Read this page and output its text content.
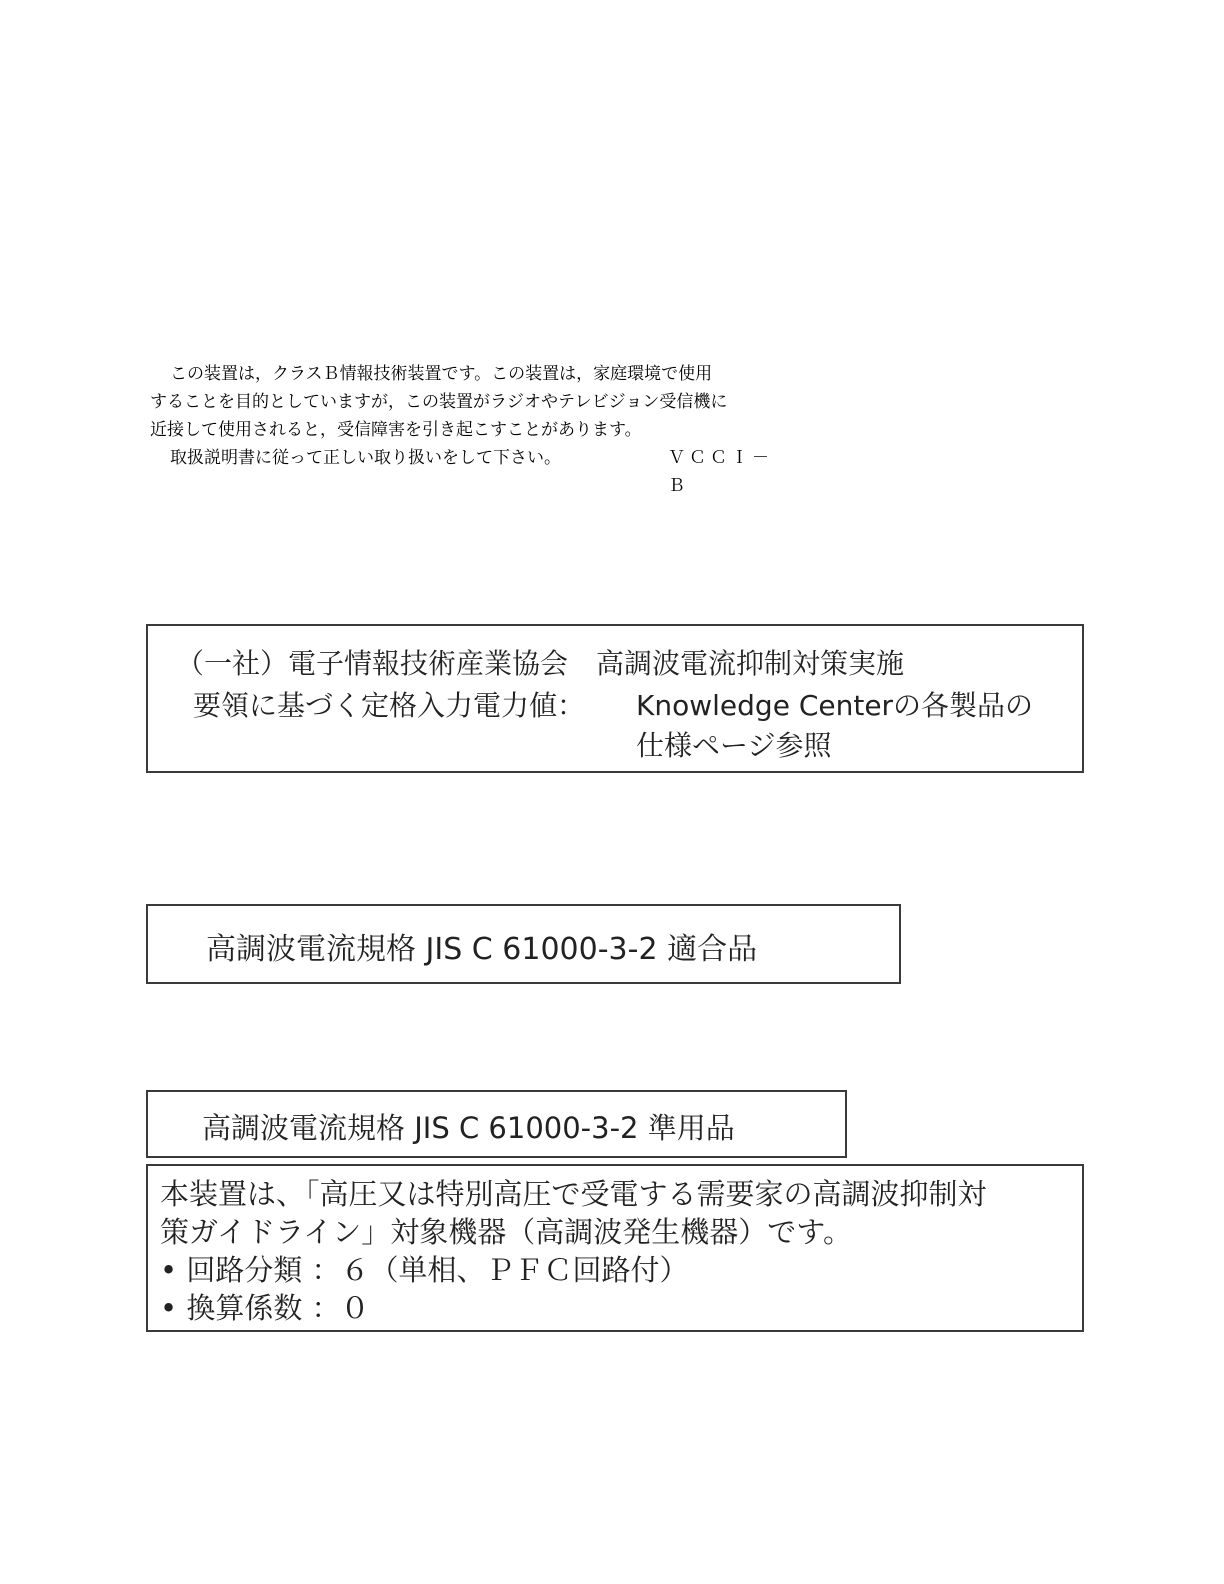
この装置は，クラスＢ情報技術装置です。この装置は，家庭環境で使用
することを目的としていますが，この装置がラジオやテレビジョン受信機に
近接して使用されると，受信障害を引き起こすことがあります。
取扱説明書に従って正しい取り扱いをして下さい。	ＶＣＣＩ－Ｂ
（一社）電子情報技術産業協会　高調波電流抑制対策実施
要領に基づく定格入力電力値： Knowledge Centerの各製品の
仕様ページ参照
高調波電流規格 JIS C 61000-3-2 適合品
高調波電流規格 JIS C 61000-3-2 準用品
本装置は、「高圧又は特別高圧で受電する需要家の高調波抑制対
策ガイドライン」対象機器（高調波発生機器）です。
• 回路分類 ：６（単相、ＰＦＣ回路付）
• 換算係数 ：０
